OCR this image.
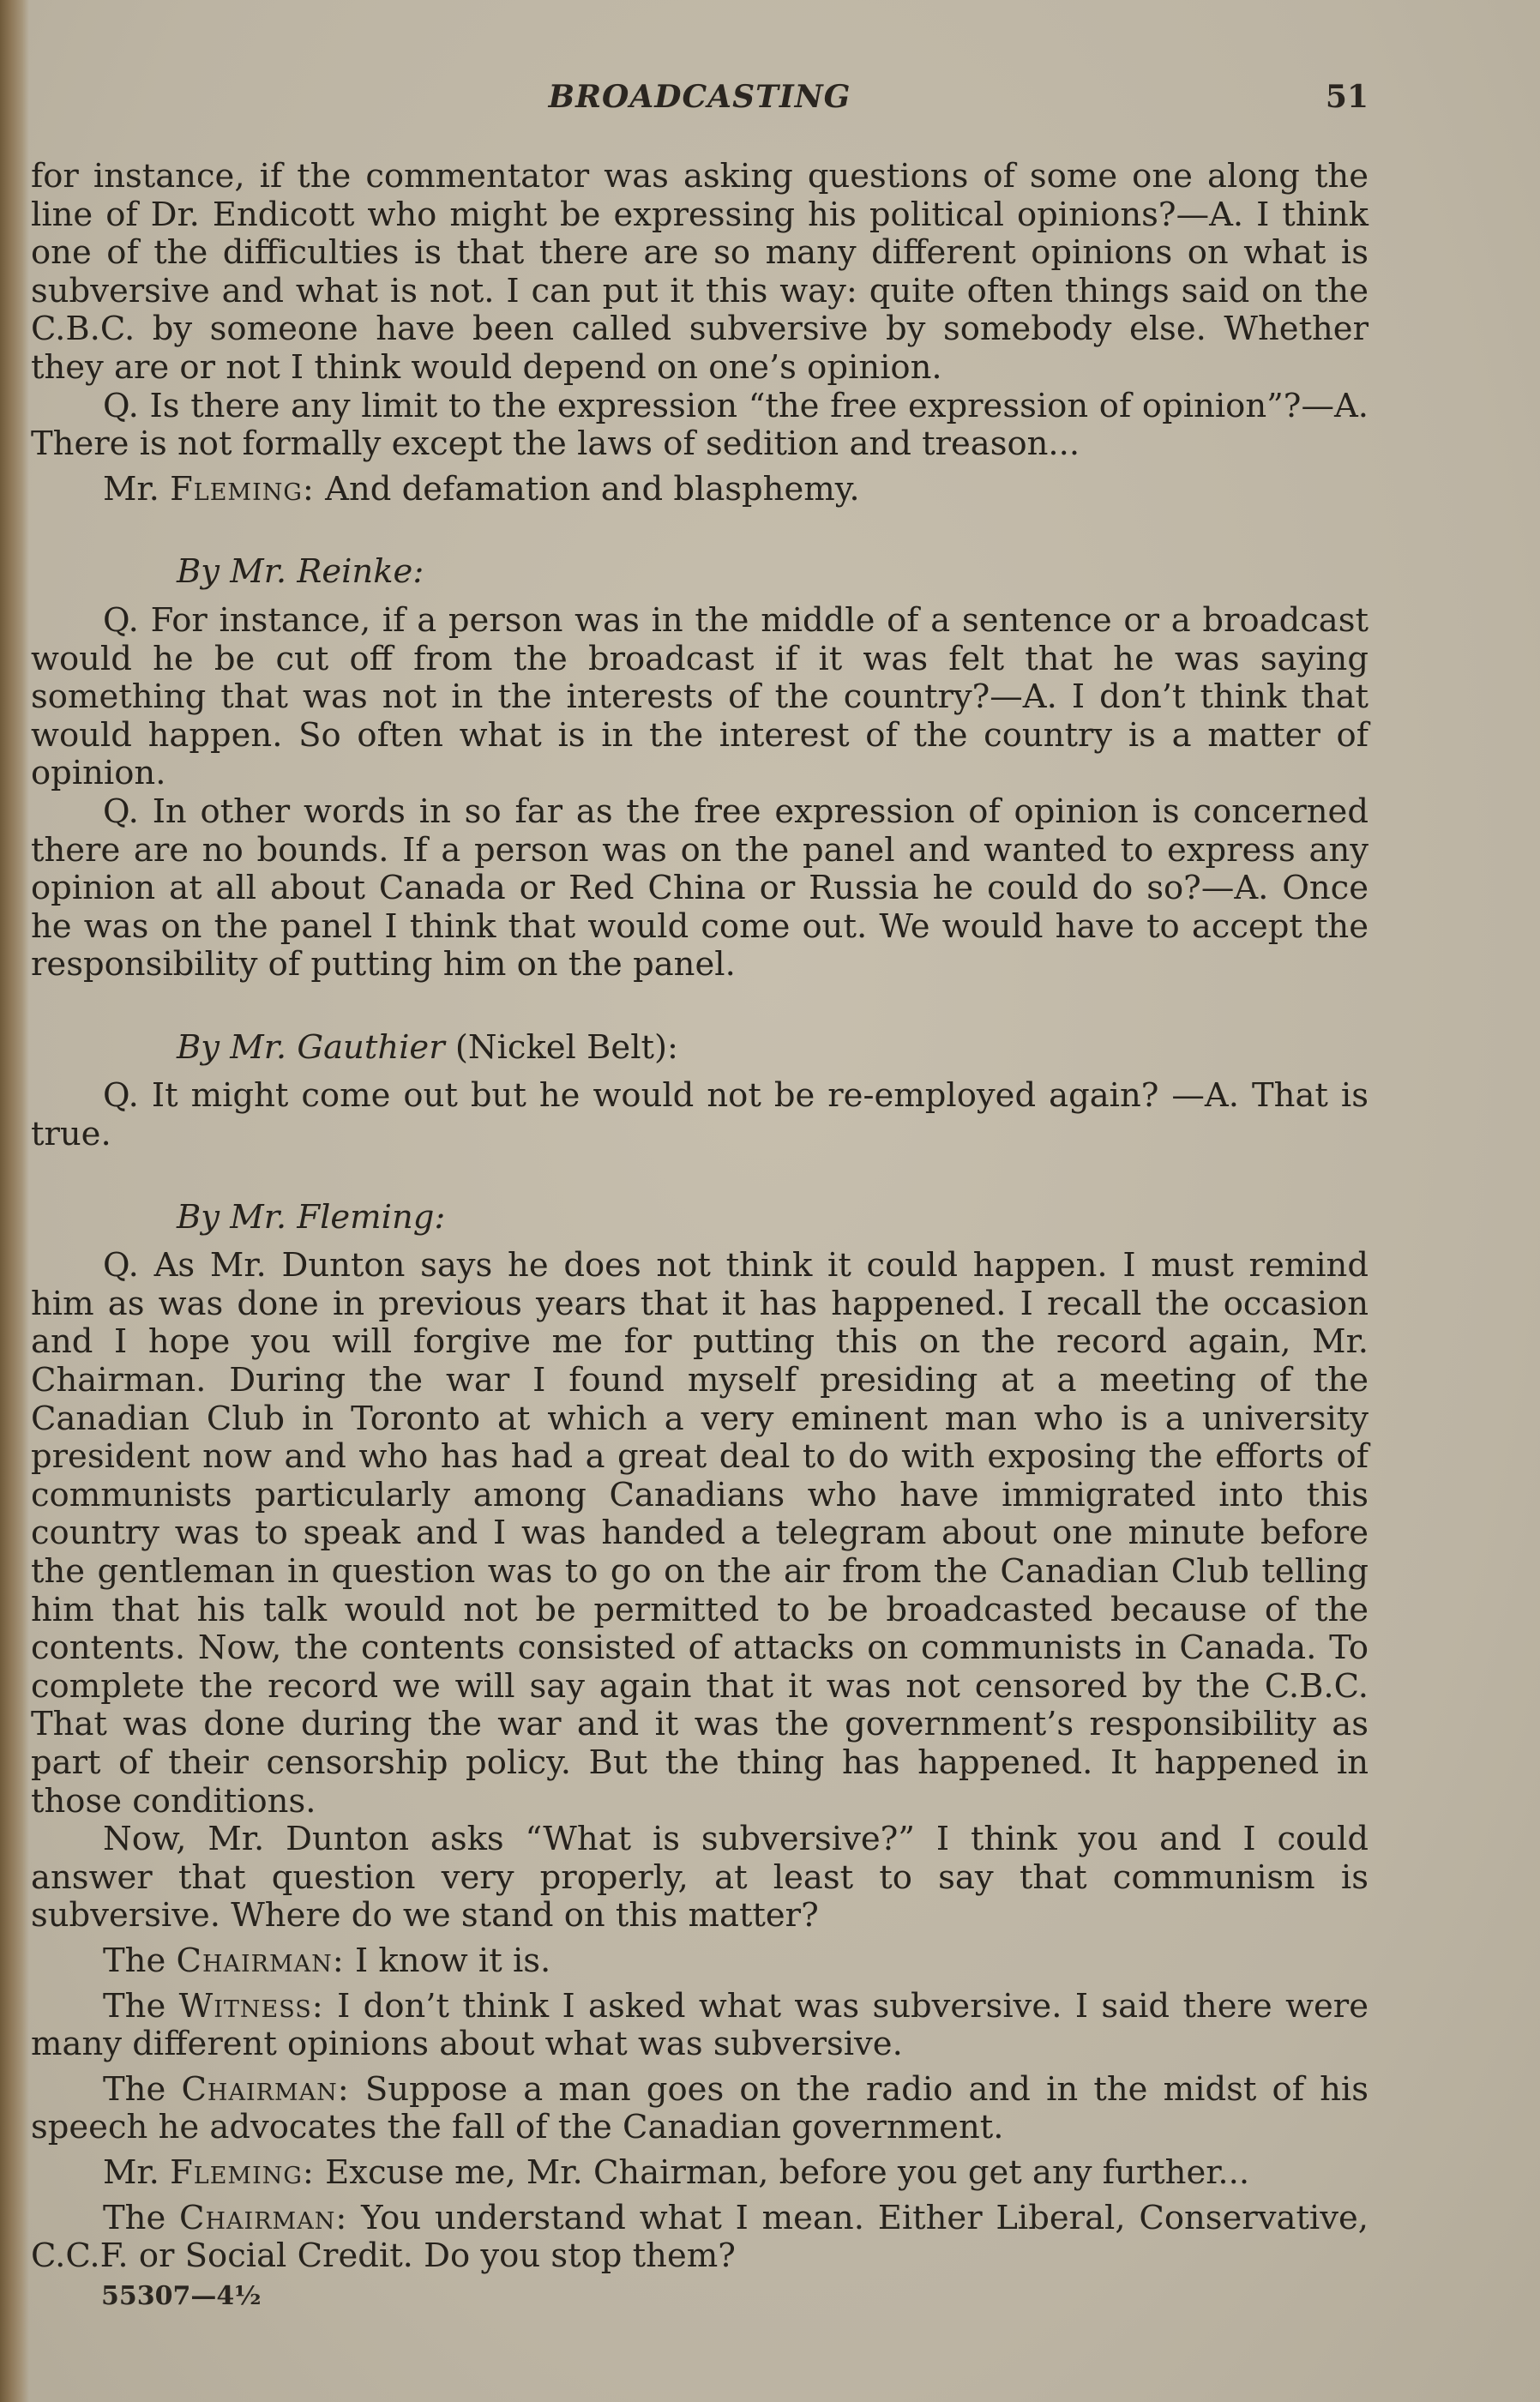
BROADCASTING	51

for instance, if the commentator was asking questions of some one along the line of Dr. Endicott who might be expressing his political opinions?—A. I think one of the difficulties is that there are so many different opinions on what is subversive and what is not. I can put it this way: quite often things said on the C.B.C. by someone have been called subversive by somebody else. Whether they are or not I think would depend on one’s opinion.

Q. Is there any limit to the expression “the free expression of opinion”?—A. There is not formally except the laws of sedition and treason...

Mr. Fleming: And defamation and blasphemy.

By Mr. Reinke:

Q. For instance, if a person was in the middle of a sentence or a broadcast would he be cut off from the broadcast if it was felt that he was saying something that was not in the interests of the country?—A. I don’t think that would happen. So often what is in the interest of the country is a matter of opinion.

Q. In other words in so far as the free expression of opinion is concerned there are no bounds. If a person was on the panel and wanted to express any opinion at all about Canada or Red China or Russia he could do so?—A. Once he was on the panel I think that would come out. We would have to accept the responsibility of putting him on the panel.

By Mr. Gauthier (Nickel Belt):

Q. It might come out but he would not be re-employed again? —A. That is true.

By Mr. Fleming:

Q. As Mr. Dunton says he does not think it could happen. I must remind him as was done in previous years that it has happened. I recall the occasion and I hope you will forgive me for putting this on the record again, Mr. Chairman. During the war I found myself presiding at a meeting of the Canadian Club in Toronto at which a very eminent man who is a university president now and who has had a great deal to do with exposing the efforts of communists particularly among Canadians who have immigrated into this country was to speak and I was handed a telegram about one minute before the gentleman in question was to go on the air from the Canadian Club telling him that his talk would not be permitted to be broadcasted because of the contents. Now, the contents consisted of attacks on communists in Canada. To complete the record we will say again that it was not censored by the C.B.C. That was done during the war and it was the government’s responsibility as part of their censorship policy. But the thing has happened. It happened in those conditions.

Now, Mr. Dunton asks “What is subversive?” I think you and I could answer that question very properly, at least to say that communism is subversive. Where do we stand on this matter?

The Chairman: I know it is.

The Witness: I don’t think I asked what was subversive. I said there were many different opinions about what was subversive.

The Chairman: Suppose a man goes on the radio and in the midst of his speech he advocates the fall of the Canadian government.

Mr. Fleming: Excuse me, Mr. Chairman, before you get any further...

The Chairman: You understand what I mean. Either Liberal, Conservative, C.C.F. or Social Credit. Do you stop them?

55307—4½
